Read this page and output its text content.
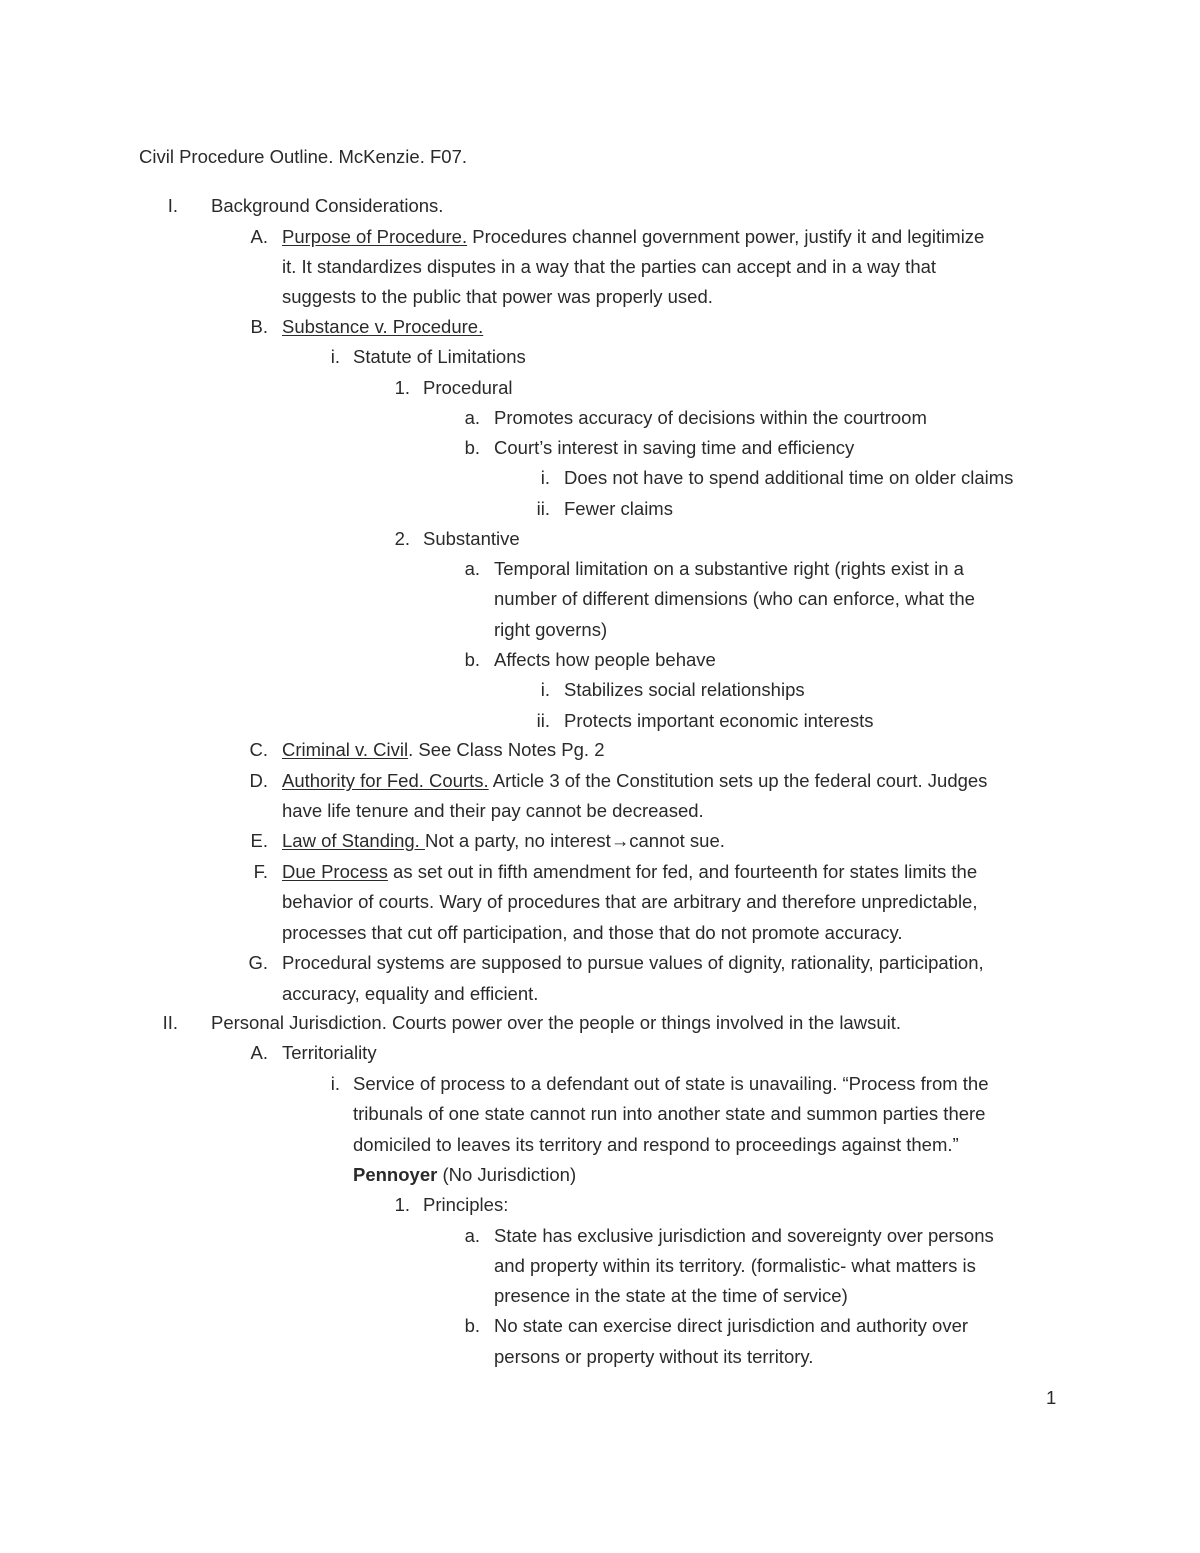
Civil Procedure Outline. McKenzie. F07.
I. Background Considerations.
A. Purpose of Procedure. Procedures channel government power, justify it and legitimize
it. It standardizes disputes in a way that the parties can accept and in a way that
suggests to the public that power was properly used.
B. Substance v. Procedure.
i. Statute of Limitations
1. Procedural
a. Promotes accuracy of decisions within the courtroom
b. Court’s interest in saving time and efficiency
i. Does not have to spend additional time on older claims
ii. Fewer claims
2. Substantive
a. Temporal limitation on a substantive right (rights exist in a
number of different dimensions (who can enforce, what the
right governs)
b. Affects how people behave
i. Stabilizes social relationships
ii. Protects important economic interests
C. Criminal v. Civil. See Class Notes Pg. 2
D. Authority for Fed. Courts. Article 3 of the Constitution sets up the federal court. Judges
have life tenure and their pay cannot be decreased.
E. Law of Standing. Not a party, no interest→cannot sue.
F. Due Process as set out in fifth amendment for fed, and fourteenth for states limits the
behavior of courts. Wary of procedures that are arbitrary and therefore unpredictable,
processes that cut off participation, and those that do not promote accuracy.
G. Procedural systems are supposed to pursue values of dignity, rationality, participation,
accuracy, equality and efficient.
II. Personal Jurisdiction. Courts power over the people or things involved in the lawsuit.
A. Territoriality
i. Service of process to a defendant out of state is unavailing. “Process from the
tribunals of one state cannot run into another state and summon parties there
domiciled to leaves its territory and respond to proceedings against them.”
Pennoyer (No Jurisdiction)
1. Principles:
a. State has exclusive jurisdiction and sovereignty over persons
and property within its territory. (formalistic- what matters is
presence in the state at the time of service)
b. No state can exercise direct jurisdiction and authority over
persons or property without its territory.
1
